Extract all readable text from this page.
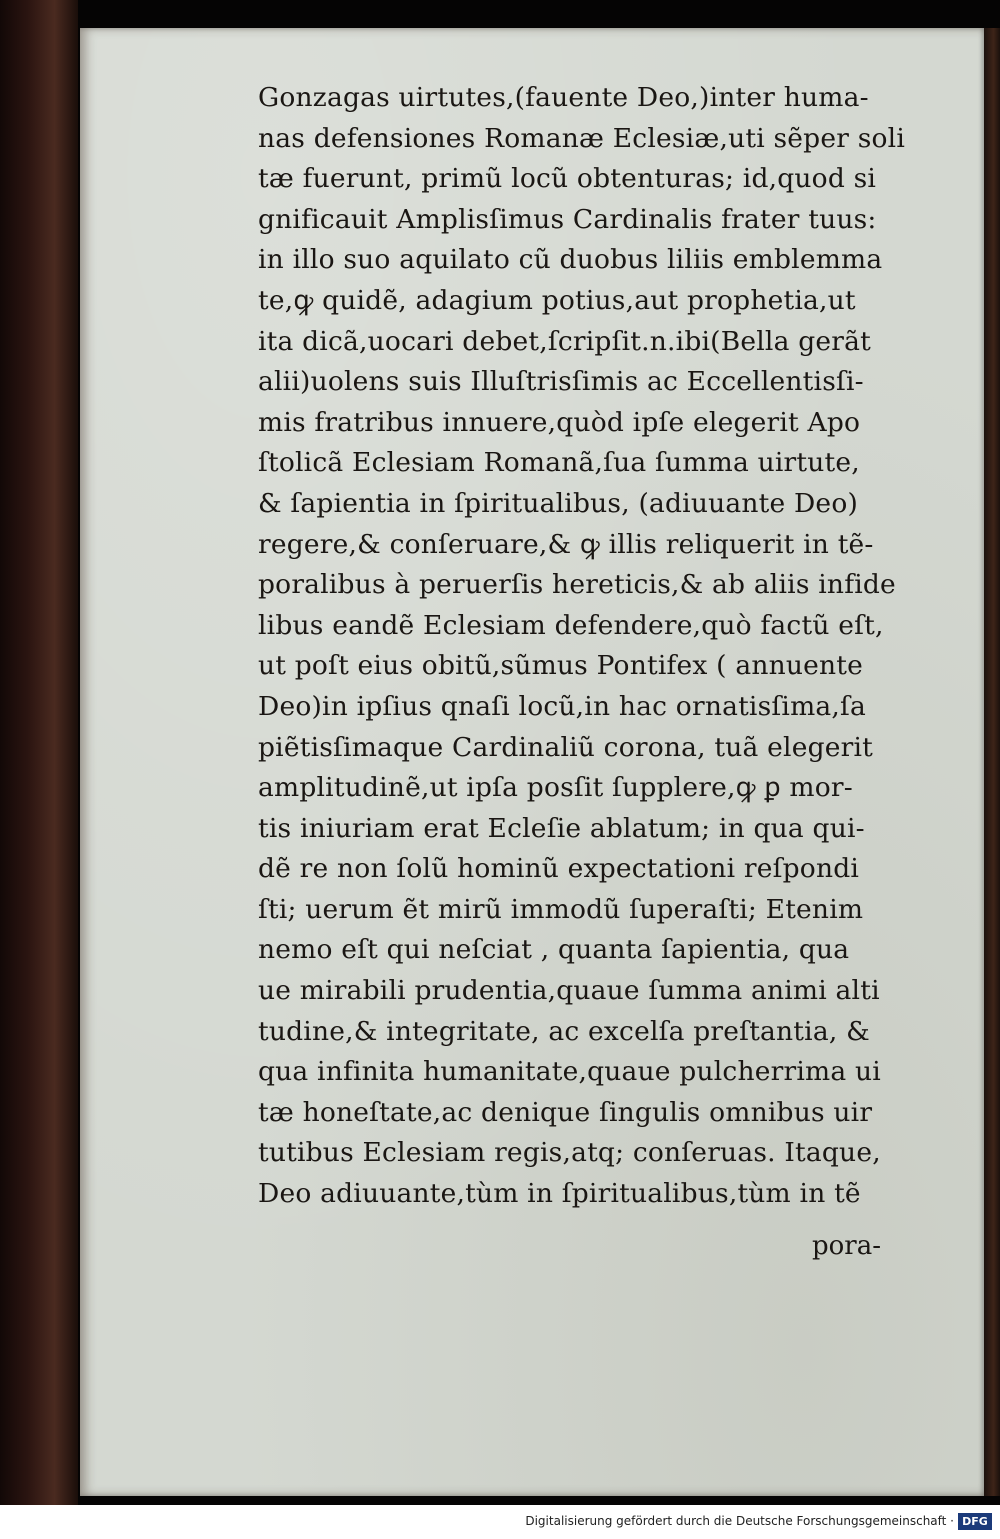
Gonzagas uirtutes,(fauente Deo,)inter huma-
nas defensiones Romanæ Eclesiæ,uti sẽper soli
tæ fuerunt, primũ locũ obtenturas; id,quod si
gnificauit Amplisſimus Cardinalis frater tuus:
in illo suo aquilato cũ duobus liliis emblemma
te,ꝙ quidẽ, adagium potius,aut prophetia,ut
ita dicã,uocari debet,ſcripſit.n.ibi(Bella gerãt
alii)uolens suis Illuſtrisſimis ac Eccellentisſi-
mis fratribus innuere,quòd ipſe elegerit Apo
ſtolicã Eclesiam Romanã,ſua ſumma uirtute,
& ſapientia in ſpiritualibus, (adiuuante Deo)
regere,& conſeruare,& ꝙ illis reliquerit in tẽ-
poralibus à peruerſis hereticis,& ab aliis infide
libus eandẽ Eclesiam defendere,quò factũ eſt,
ut poſt eius obitũ,sũmus Pontifex ( annuente
Deo)in ipſius qnaſi locũ,in hac ornatisſima,ſa
piẽtisſimaque Cardinaliũ corona, tuã elegerit
amplitudinẽ,ut ipſa posſit ſupplere,ꝙ ꝑ mor-
tis iniuriam erat Ecleſie ablatum; in qua qui-
dẽ re non ſolũ hominũ expectationi reſpondi
ſti; uerum ẽt mirũ immodũ ſuperaſti; Etenim
nemo eſt qui neſciat , quanta ſapientia, qua
ue mirabili prudentia,quaue ſumma animi alti
tudine,& integritate, ac excelſa preſtantia, &
qua infinita humanitate,quaue pulcherrima ui
tæ honeſtate,ac denique ſingulis omnibus uir
tutibus Eclesiam regis,atq; conſeruas. Itaque,
Deo adiuuante,tùm in ſpiritualibus,tùm in tẽ
pora-
Digitalisierung gefördert durch die Deutsche Forschungsgemeinschaft · DFG
